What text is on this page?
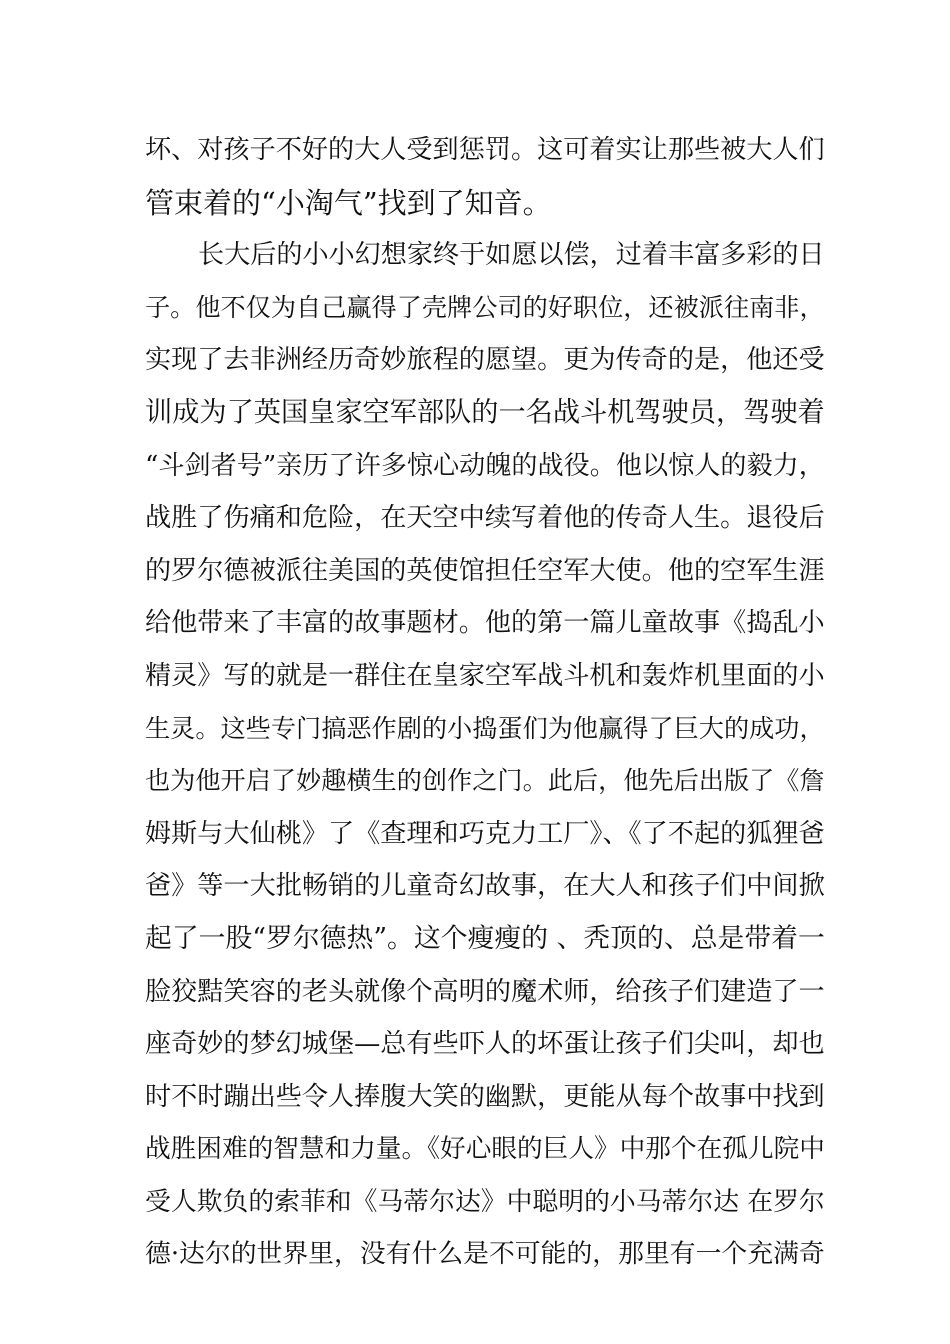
坏、对孩子不好的大人受到惩罚。这可着实让那些被大人们
管束着的“小淘气”找到了知音。
长大后的小小幻想家终于如愿以偿，过着丰富多彩的日
子。他不仅为自己赢得了壳牌公司的好职位，还被派往南非，
实现了去非洲经历奇妙旅程的愿望。更为传奇的是，他还受
训成为了英国皇家空军部队的一名战斗机驾驶员，驾驶着
“斗剑者号”亲历了许多惊心动魄的战役。他以惊人的毅力，
战胜了伤痛和危险，在天空中续写着他的传奇人生。退役后
的罗尔德被派往美国的英使馆担任空军大使。他的空军生涯
给他带来了丰富的故事题材。他的第一篇儿童故事《捣乱小
精灵》写的就是一群住在皇家空军战斗机和轰炸机里面的小
生灵。这些专门搞恶作剧的小捣蛋们为他赢得了巨大的成功，
也为他开启了妙趣横生的创作之门。此后，他先后出版了《詹
姆斯与大仙桃》了《查理和巧克力工厂》、《了不起的狐狸爸
爸》等一大批畅销的儿童奇幻故事，在大人和孩子们中间掀
起了一股“罗尔德热”。这个瘦瘦的 、秃顶的、总是带着一
脸狡黠笑容的老头就像个高明的魔术师，给孩子们建造了一
座奇妙的梦幻城堡—总有些吓人的坏蛋让孩子们尖叫，却也
时不时蹦出些令人捧腹大笑的幽默，更能从每个故事中找到
战胜困难的智慧和力量。《好心眼的巨人》中那个在孤儿院中
受人欺负的索菲和《马蒂尔达》中聪明的小马蒂尔达 在罗尔
德·达尔的世界里，没有什么是不可能的，那里有一个充满奇
